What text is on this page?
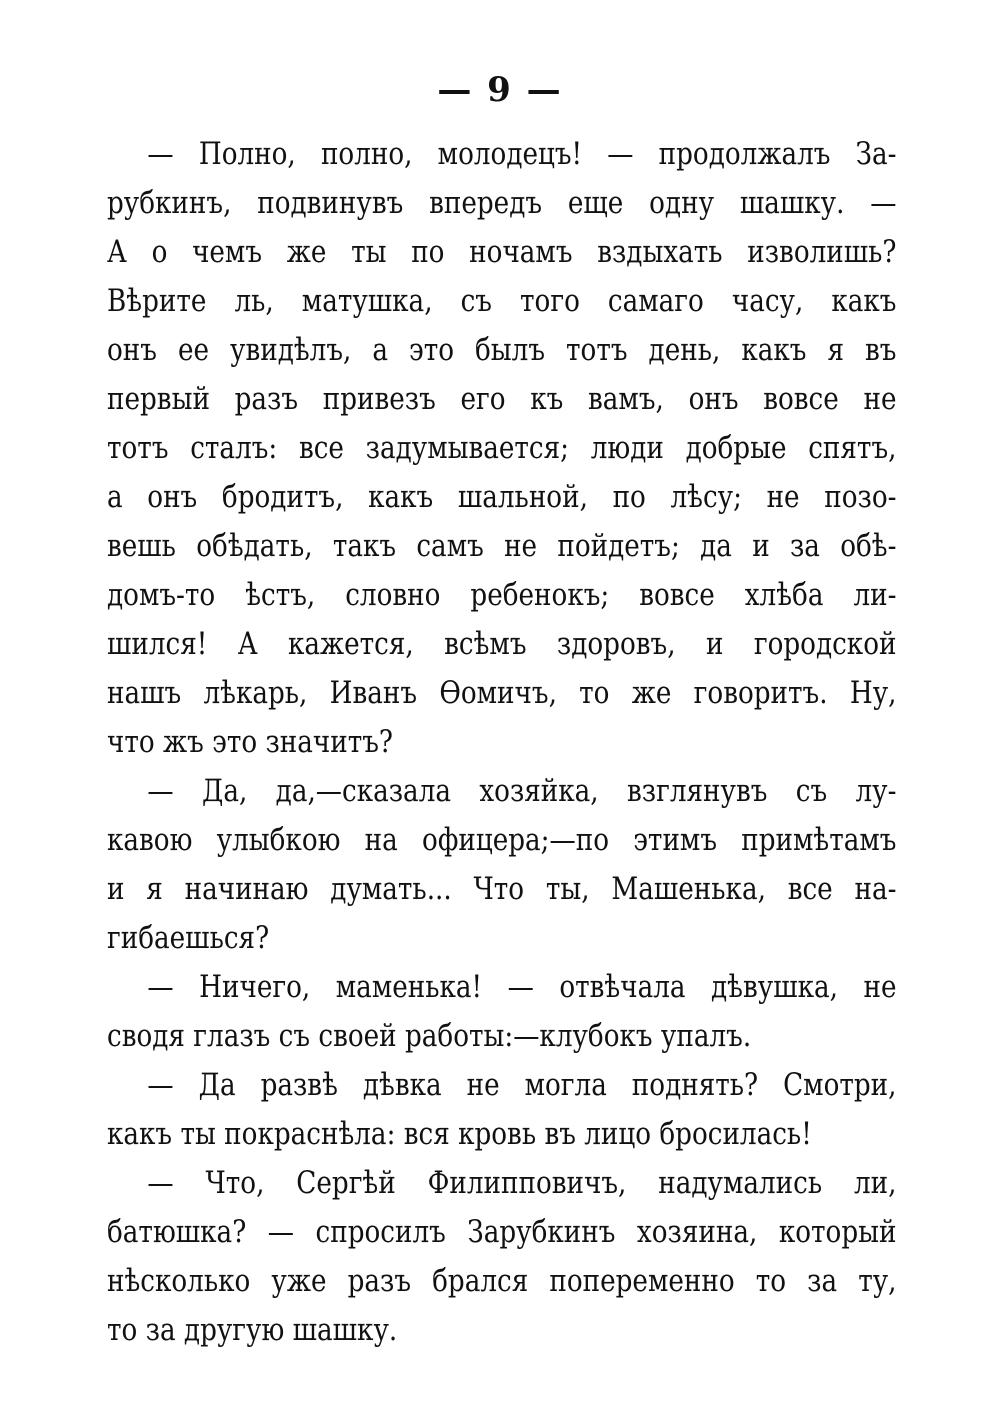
— 9 —
— Полно, полно, молодецъ! — продолжалъ За-
рубкинъ, подвинувъ впередъ еще одну шашку. —
А о чемъ же ты по ночамъ вздыхать изволишь?
Вѣрите ль, матушка, съ того самаго часу, какъ
онъ ее увидѣлъ, а это былъ тотъ день, какъ я въ
первый разъ привезъ его къ вамъ, онъ вовсе не
тотъ сталъ: все задумывается; люди добрые спятъ,
а онъ бродитъ, какъ шальной, по лѣсу; не позо-
вешь обѣдать, такъ самъ не пойдетъ; да и за обѣ-
домъ-то ѣстъ, словно ребенокъ; вовсе хлѣба ли-
шился! А кажется, всѣмъ здоровъ, и городской
нашъ лѣкарь, Иванъ Ѳомичъ, то же говоритъ. Ну,
что жъ это значитъ?
— Да, да,—сказала хозяйка, взглянувъ съ лу-
кавою улыбкою на офицера;—по этимъ примѣтамъ
и я начинаю думать... Что ты, Машенька, все на-
гибаешься?
— Ничего, маменька! — отвѣчала дѣвушка, не
сводя глазъ съ своей работы:—клубокъ упалъ.
— Да развѣ дѣвка не могла поднять? Смотри,
какъ ты покраснѣла: вся кровь въ лицо бросилась!
— Что, Сергѣй Филипповичъ, надумались ли,
батюшка? — спросилъ Зарубкинъ хозяина, который
нѣсколько уже разъ брался попеременно то за ту,
то за другую шашку.
